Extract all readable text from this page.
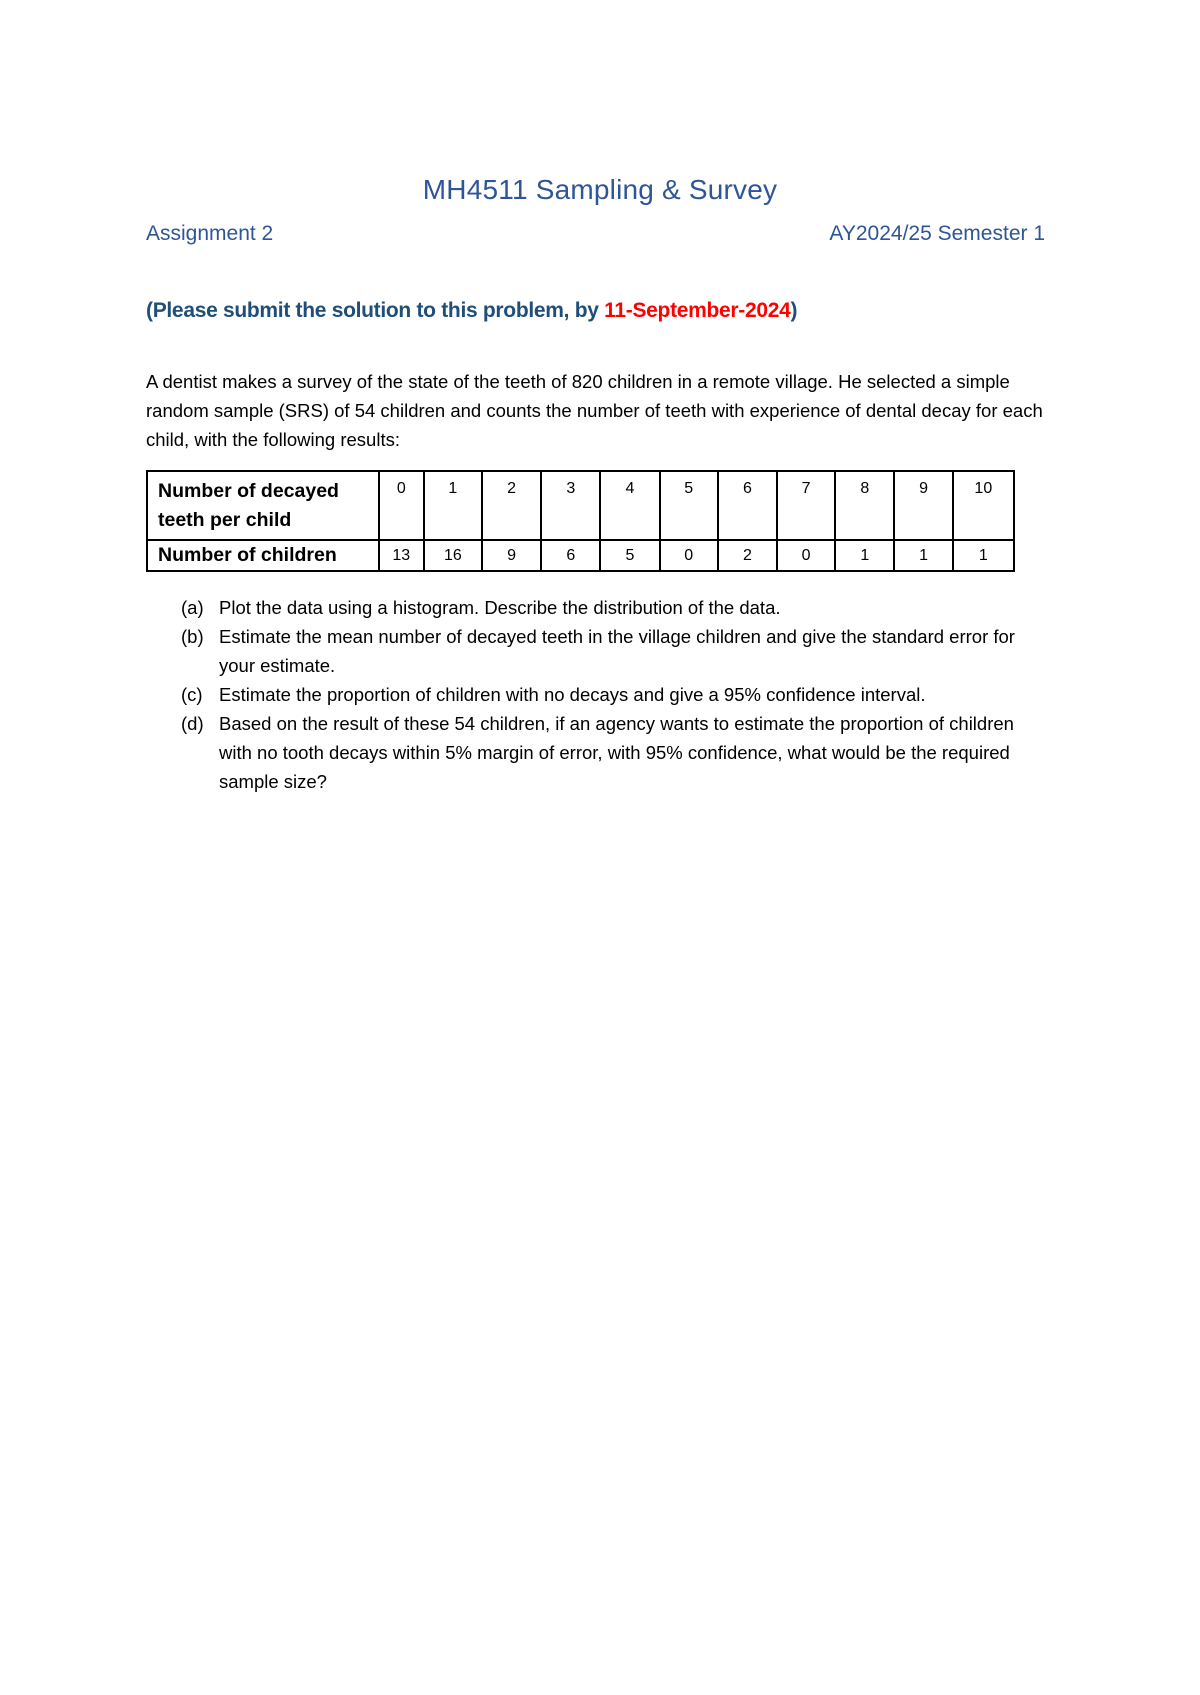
MH4511 Sampling & Survey
Assignment 2	AY2024/25 Semester 1

(Please submit the solution to this problem, by 11-September-2024)

A dentist makes a survey of the state of the teeth of 820 children in a remote village. He selected a simple random sample (SRS) of 54 children and counts the number of teeth with experience of dental decay for each child, with the following results:

Number of decayed teeth per child	0	1	2	3	4	5	6	7	8	9	10
Number of children	13	16	9	6	5	0	2	0	1	1	1
(a) Plot the data using a histogram. Describe the distribution of the data.
(b) Estimate the mean number of decayed teeth in the village children and give the standard error for your estimate.
(c) Estimate the proportion of children with no decays and give a 95% confidence interval.
(d) Based on the result of these 54 children, if an agency wants to estimate the proportion of children with no tooth decays within 5% margin of error, with 95% confidence, what would be the required sample size?
